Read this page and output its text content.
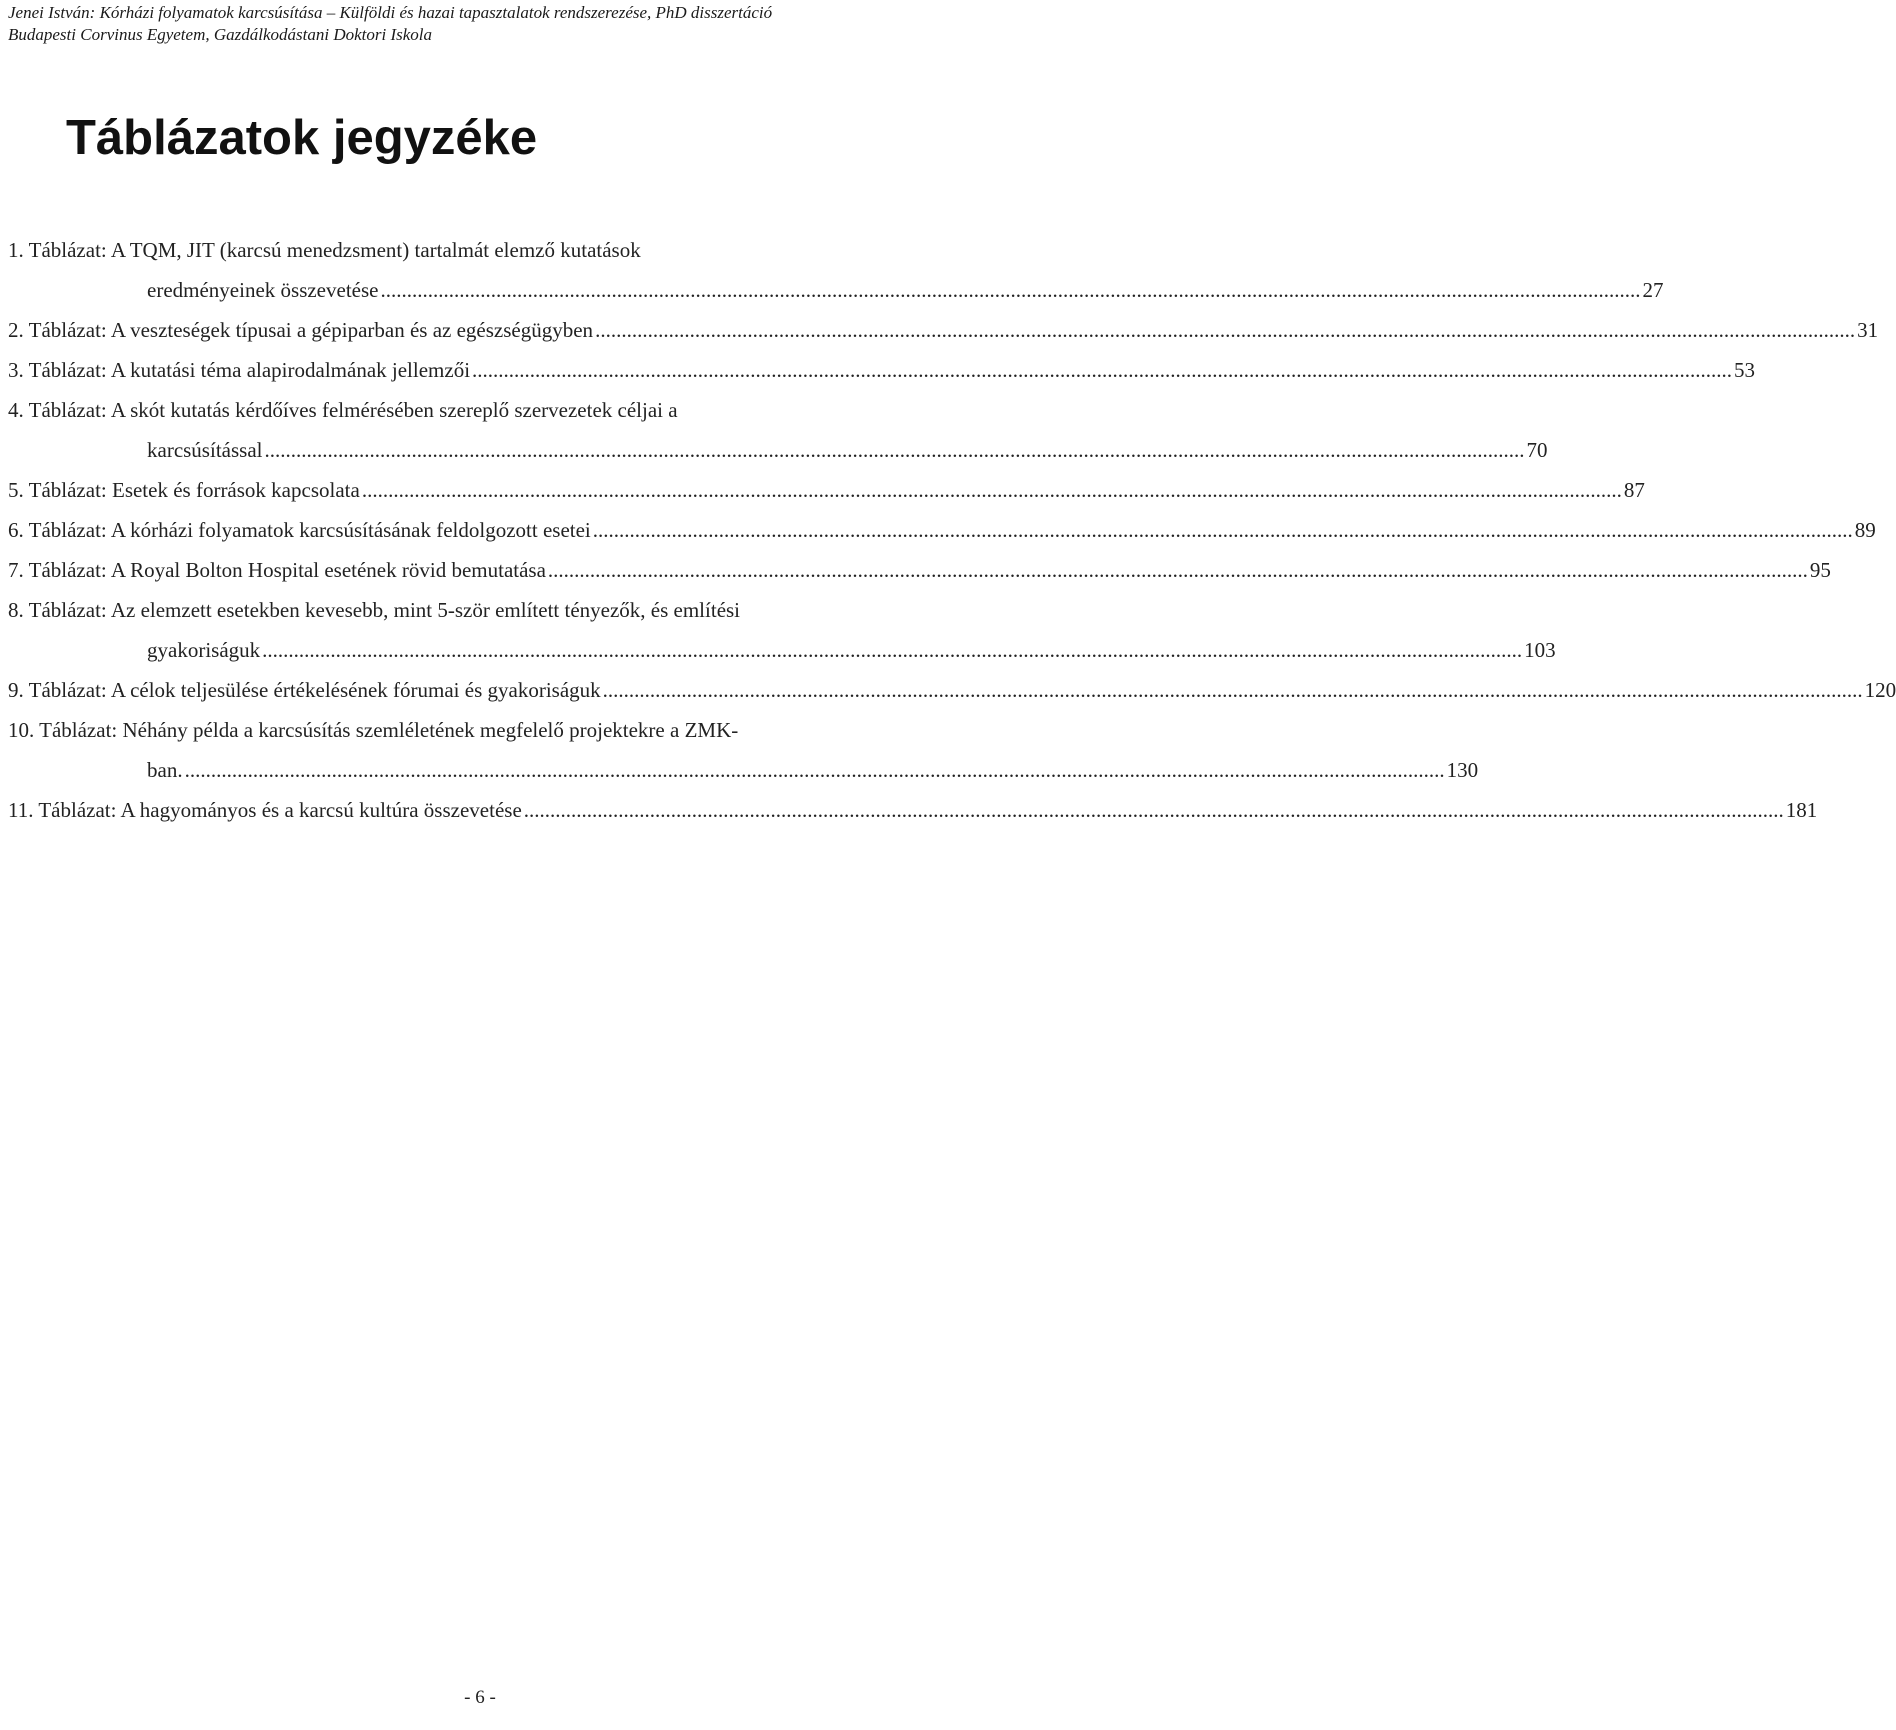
Jenei István: Kórházi folyamatok karcsúsítása – Külföldi és hazai tapasztalatok rendszerezése, PhD disszertáció
Budapesti Corvinus Egyetem, Gazdálkodástani Doktori Iskola
Táblázatok jegyzéke
1. Táblázat: A TQM, JIT (karcsú menedzsment) tartalmát elemző kutatások
eredményeinek összevetése .....	27
2. Táblázat: A veszteségek típusai a gépiparban és az egészségügyben .....	31
3. Táblázat: A kutatási téma alapirodalmának jellemzői .....	53
4. Táblázat: A skót kutatás kérdőíves felmérésében szereplő szervezetek céljai a
karcsúsítással .....	70
5. Táblázat: Esetek és források kapcsolata .....	87
6. Táblázat: A kórházi folyamatok karcsúsításának feldolgozott esetei .....	89
7. Táblázat: A Royal Bolton Hospital esetének rövid bemutatása .....	95
8. Táblázat: Az elemzett esetekben kevesebb, mint 5-ször említett tényezők, és említési
gyakoriságuk .....	103
9. Táblázat: A célok teljesülése értékelésének fórumai és gyakoriságuk .....	120
10. Táblázat: Néhány példa a karcsúsítás szemléletének megfelelő projektekre a ZMK-
ban. .....	130
11. Táblázat: A hagyományos és a karcsú kultúra összevetése .....	181
- 6 -
